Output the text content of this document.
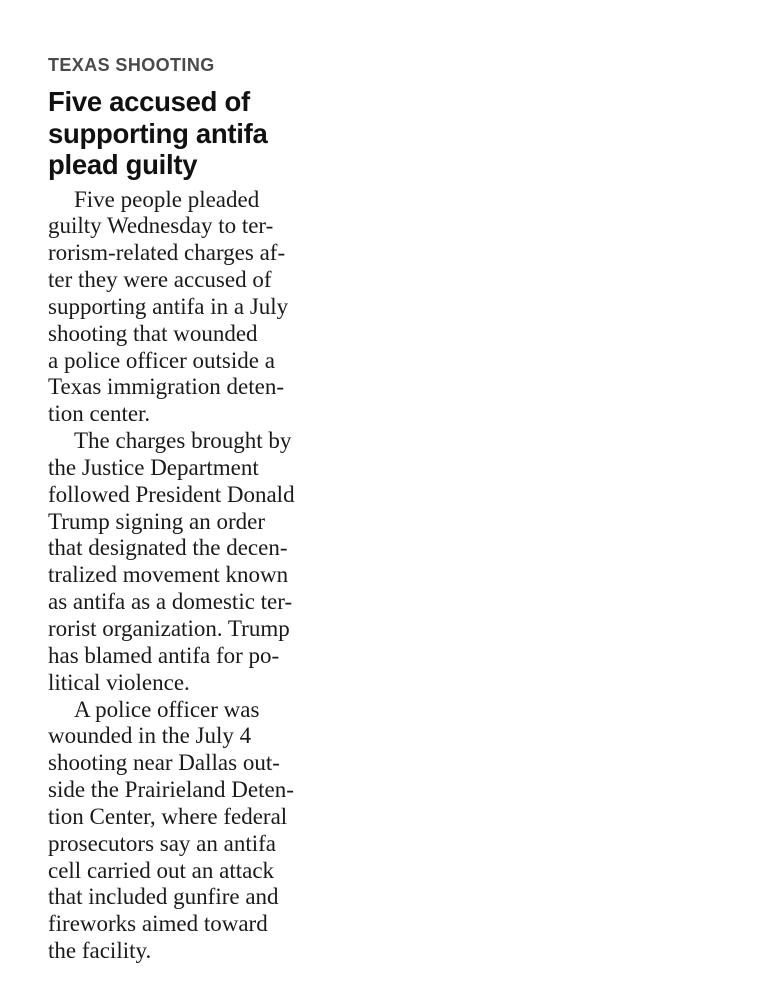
TEXAS SHOOTING
Five accused of
supporting antifa
plead guilty

Five people pleaded
guilty Wednesday to ter-
rorism-related charges af-
ter they were accused of
supporting antifa in a July
shooting that wounded
a police officer outside a
Texas immigration deten-
tion center.

The charges brought by
the Justice Department
followed President Donald
Trump signing an order
that designated the decen-
tralized movement known
as antifa as a domestic ter-
rorist organization. Trump
has blamed antifa for po-
litical violence.

A police officer was
wounded in the July 4
shooting near Dallas out-
side the Prairieland Deten-
tion Center, where federal
prosecutors say an antifa
cell carried out an attack
that included gunfire and
fireworks aimed toward
the facility.
